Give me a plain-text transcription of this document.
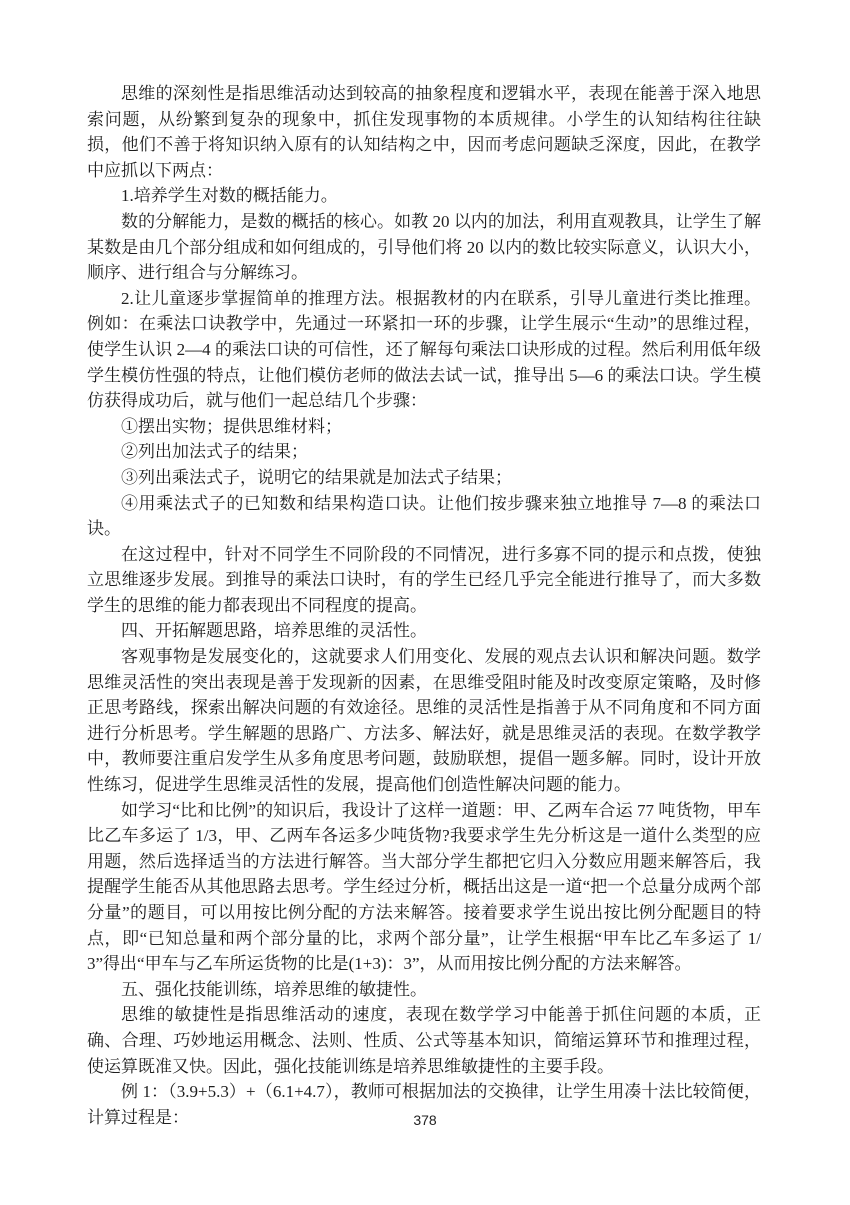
思维的深刻性是指思维活动达到较高的抽象程度和逻辑水平，表现在能善于深入地思索问题，从纷繁到复杂的现象中，抓住发现事物的本质规律。小学生的认知结构往往缺损，他们不善于将知识纳入原有的认知结构之中，因而考虑问题缺乏深度，因此，在教学中应抓以下两点：

1.培养学生对数的概括能力。

数的分解能力，是数的概括的核心。如教 20 以内的加法，利用直观教具，让学生了解某数是由几个部分组成和如何组成的，引导他们将 20 以内的数比较实际意义，认识大小，顺序、进行组合与分解练习。

2.让儿童逐步掌握简单的推理方法。根据教材的内在联系，引导儿童进行类比推理。例如：在乘法口诀教学中，先通过一环紧扣一环的步骤，让学生展示“生动”的思维过程，使学生认识 2—4 的乘法口诀的可信性，还了解每句乘法口诀形成的过程。然后利用低年级学生模仿性强的特点，让他们模仿老师的做法去试一试，推导出 5—6 的乘法口诀。学生模仿获得成功后，就与他们一起总结几个步骤：

①摆出实物；提供思维材料；

②列出加法式子的结果；

③列出乘法式子，说明它的结果就是加法式子结果；

④用乘法式子的已知数和结果构造口诀。让他们按步骤来独立地推导 7—8 的乘法口诀。

在这过程中，针对不同学生不同阶段的不同情况，进行多寡不同的提示和点拨，使独立思维逐步发展。到推导的乘法口诀时，有的学生已经几乎完全能进行推导了，而大多数学生的思维的能力都表现出不同程度的提高。

四、开拓解题思路，培养思维的灵活性。

客观事物是发展变化的，这就要求人们用变化、发展的观点去认识和解决问题。数学思维灵活性的突出表现是善于发现新的因素，在思维受阻时能及时改变原定策略，及时修正思考路线，探索出解决问题的有效途径。思维的灵活性是指善于从不同角度和不同方面进行分析思考。学生解题的思路广、方法多、解法好，就是思维灵活的表现。在数学教学中，教师要注重启发学生从多角度思考问题，鼓励联想，提倡一题多解。同时，设计开放性练习，促进学生思维灵活性的发展，提高他们创造性解决问题的能力。

如学习“比和比例”的知识后，我设计了这样一道题：甲、乙两车合运 77 吨货物，甲车比乙车多运了 1/3，甲、乙两车各运多少吨货物?我要求学生先分析这是一道什么类型的应用题，然后选择适当的方法进行解答。当大部分学生都把它归入分数应用题来解答后，我提醒学生能否从其他思路去思考。学生经过分析，概括出这是一道“把一个总量分成两个部分量”的题目，可以用按比例分配的方法来解答。接着要求学生说出按比例分配题目的特点，即“已知总量和两个部分量的比，求两个部分量”，让学生根据“甲车比乙车多运了 1/3”得出“甲车与乙车所运货物的比是(1+3)：3”，从而用按比例分配的方法来解答。

五、强化技能训练，培养思维的敏捷性。

思维的敏捷性是指思维活动的速度，表现在数学学习中能善于抓住问题的本质，正确、合理、巧妙地运用概念、法则、性质、公式等基本知识，简缩运算环节和推理过程，使运算既准又快。因此，强化技能训练是培养思维敏捷性的主要手段。

例 1：（3.9+5.3）+（6.1+4.7），教师可根据加法的交换律，让学生用凑十法比较简便，计算过程是：	378
